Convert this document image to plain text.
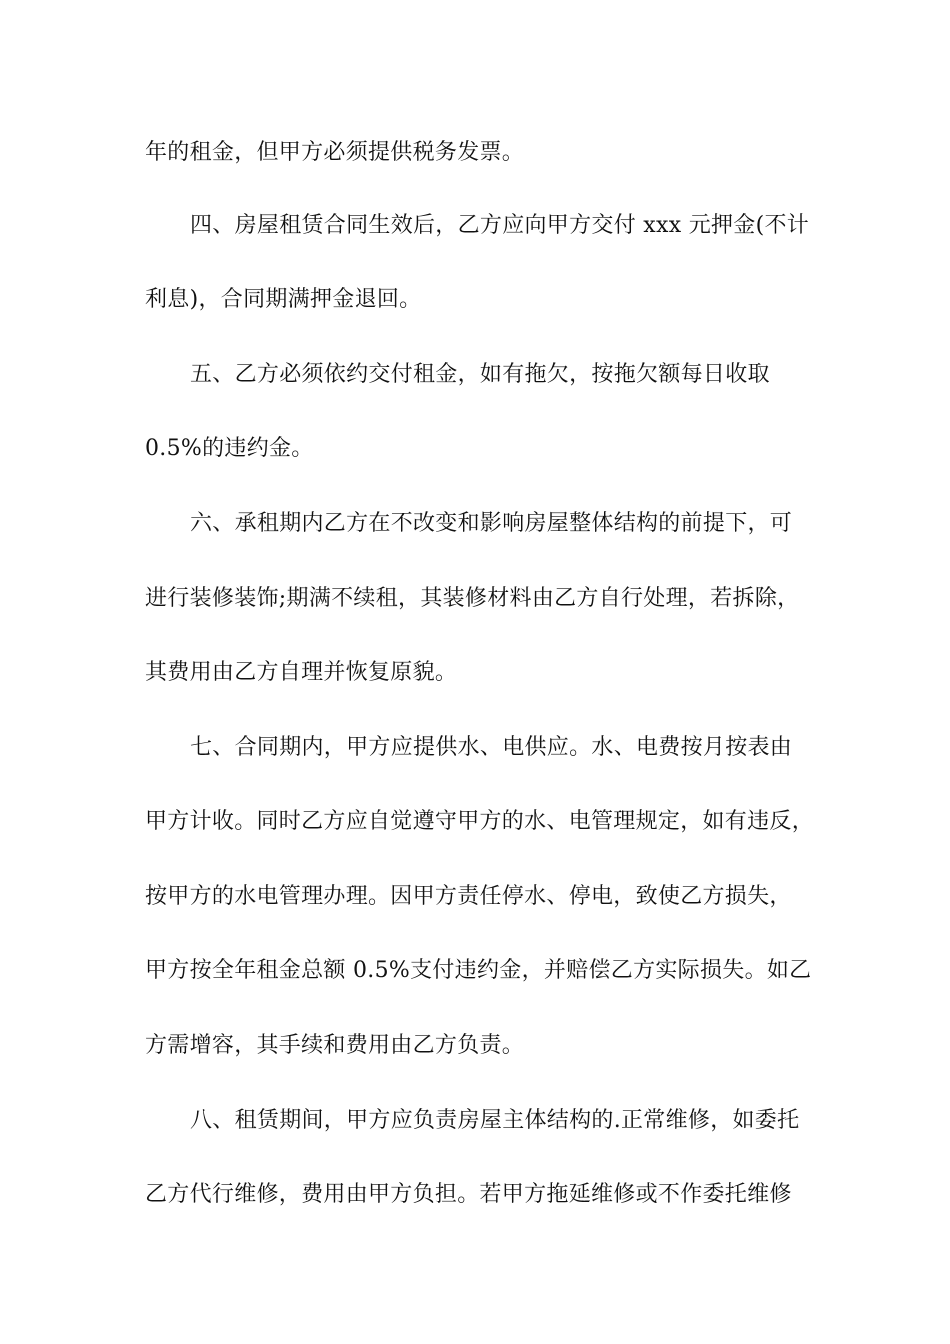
年的租金，但甲方必须提供税务发票。
四、房屋租赁合同生效后，乙方应向甲方交付 xxx 元押金(不计
利息)，合同期满押金退回。
五、乙方必须依约交付租金，如有拖欠，按拖欠额每日收取
0.5%的违约金。
六、承租期内乙方在不改变和影响房屋整体结构的前提下，可
进行装修装饰;期满不续租，其装修材料由乙方自行处理，若拆除，
其费用由乙方自理并恢复原貌。
七、合同期内，甲方应提供水、电供应。水、电费按月按表由
甲方计收。同时乙方应自觉遵守甲方的水、电管理规定，如有违反，
按甲方的水电管理办理。因甲方责任停水、停电，致使乙方损失，
甲方按全年租金总额 0.5%支付违约金，并赔偿乙方实际损失。如乙
方需增容，其手续和费用由乙方负责。
八、租赁期间，甲方应负责房屋主体结构的.正常维修，如委托
乙方代行维修，费用由甲方负担。若甲方拖延维修或不作委托维修
